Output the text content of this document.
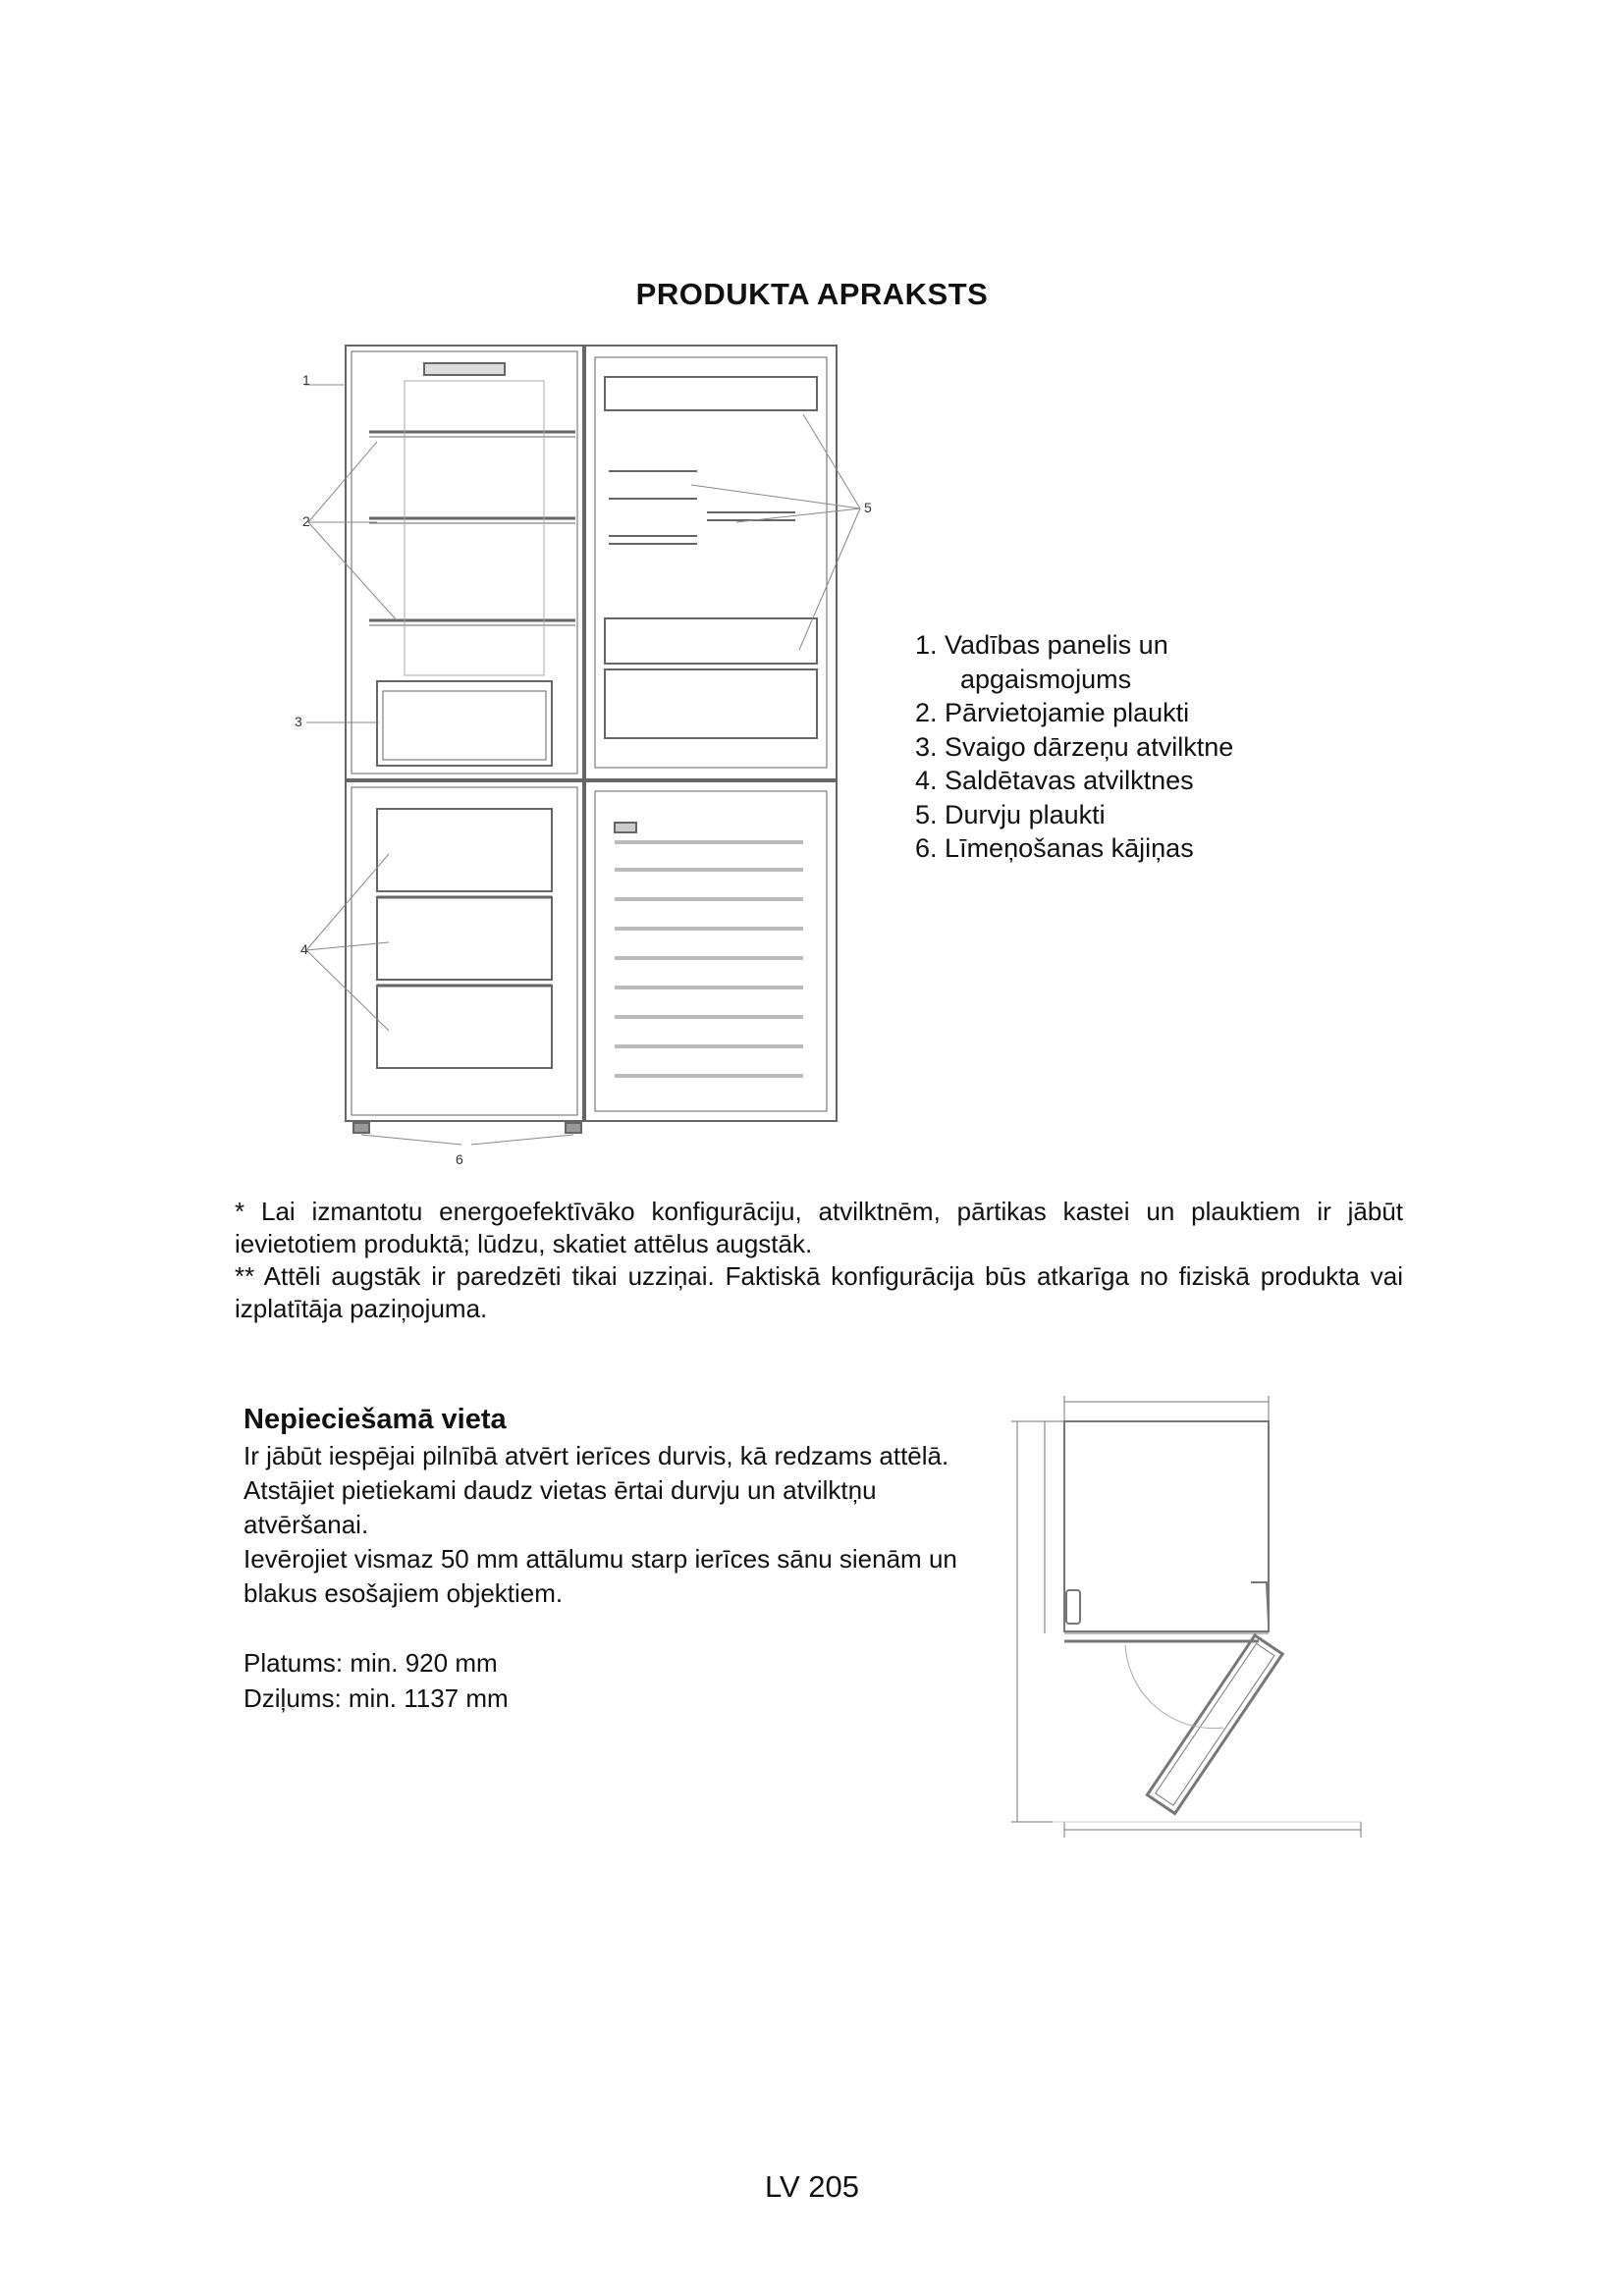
PRODUKTA APRAKSTS
1
2
3
4
5
6
1. Vadības panelis un
apgaismojums
2. Pārvietojamie plaukti
3. Svaigo dārzeņu atvilktne
4. Saldētavas atvilktnes
5. Durvju plaukti
6. Līmeņošanas kājiņas

* Lai izmantotu energoefektīvāko konfigurāciju, atvilktnēm, pārtikas kastei un plauktiem ir jābūt ievietotiem produktā; lūdzu, skatiet attēlus augstāk.

** Attēli augstāk ir paredzēti tikai uzziņai. Faktiskā konfigurācija būs atkarīga no fiziskā produkta vai izplatītāja paziņojuma.

Nepieciešamā vieta

Ir jābūt iespējai pilnībā atvērt ierīces durvis, kā redzams attēlā. Atstājiet pietiekami daudz vietas ērtai durvju un atvilktņu atvēršanai.

Ievērojiet vismaz 50 mm attālumu starp ierīces sānu sienām un blakus esošajiem objektiem.

Platums: min. 920 mm
Dziļums: min. 1137 mm
LV 205
